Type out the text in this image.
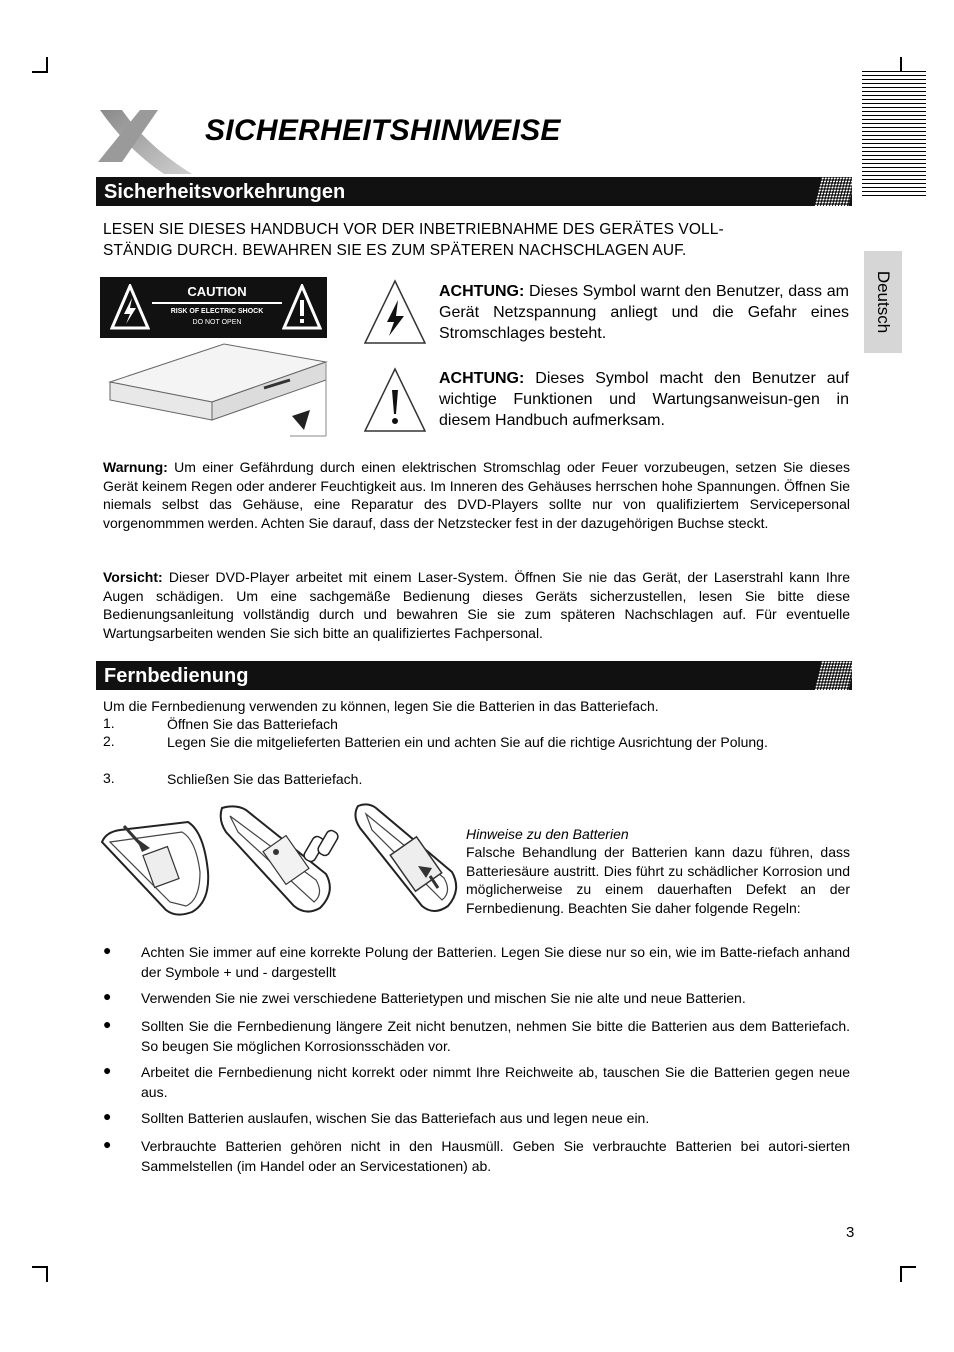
Deutsch
SICHERHEITSHINWEISE
Sicherheitsvorkehrungen
LESEN SIE DIESES HANDBUCH VOR DER INBETRIEBNAHME DES GERÄTES VOLL-
STÄNDIG DURCH. BEWAHREN SIE ES ZUM SPÄTEREN NACHSCHLAGEN AUF.
CAUTION
RISK OF ELECTRIC SHOCK
DO NOT OPEN
ACHTUNG: Dieses Symbol warnt den Benutzer, dass am Gerät Netzspannung anliegt und die Gefahr eines Stromschlages besteht.
ACHTUNG: Dieses Symbol macht den Benutzer auf wichtige Funktionen und Wartungsanweisun-gen in diesem Handbuch aufmerksam.
Warnung: Um einer Gefährdung durch einen elektrischen Stromschlag oder Feuer vorzubeugen, setzen Sie dieses Gerät keinem Regen oder anderer Feuchtigkeit aus. Im Inneren des Gehäuses herrschen hohe Spannungen. Öffnen Sie niemals selbst das Gehäuse, eine Reparatur des DVD-Players sollte nur von qualifiziertem Servicepersonal vorgenommmen werden. Achten Sie darauf, dass der Netzstecker fest in der dazugehörigen Buchse steckt.
Vorsicht: Dieser DVD-Player arbeitet mit einem Laser-System. Öffnen Sie nie das Gerät, der Laserstrahl kann Ihre Augen schädigen. Um eine sachgemäße Bedienung dieses Geräts sicherzustellen, lesen Sie bitte diese Bedienungsanleitung vollständig durch und bewahren Sie sie zum späteren Nachschlagen auf. Für eventuelle Wartungsarbeiten wenden Sie sich bitte an qualifiziertes Fachpersonal.
Fernbedienung
Um die Fernbedienung verwenden zu können, legen Sie die Batterien in das Batteriefach.
1.	Öffnen Sie das Batteriefach
2.	Legen Sie die mitgelieferten Batterien ein und achten Sie auf die richtige Ausrichtung der Polung.
3.	Schließen Sie das Batteriefach.
Hinweise zu den Batterien
Falsche Behandlung der Batterien kann dazu führen, dass Batteriesäure austritt. Dies führt zu schädlicher Korrosion und möglicherweise zu einem dauerhaften Defekt an der Fernbedienung. Beachten Sie daher folgende Regeln:
● Achten Sie immer auf eine korrekte Polung der Batterien. Legen Sie diese nur so ein, wie im Batte-riefach anhand der Symbole + und - dargestellt
● Verwenden Sie nie zwei verschiedene Batterietypen und mischen Sie nie alte und neue Batterien.
● Sollten Sie die Fernbedienung längere Zeit nicht benutzen, nehmen Sie bitte die Batterien aus dem Batteriefach. So beugen Sie möglichen Korrosionsschäden vor.
● Arbeitet die Fernbedienung nicht korrekt oder nimmt Ihre Reichweite ab, tauschen Sie die Batterien gegen neue aus.
● Sollten Batterien auslaufen, wischen Sie das Batteriefach aus und legen neue ein.
● Verbrauchte Batterien gehören nicht in den Hausmüll. Geben Sie verbrauchte Batterien bei autori-sierten Sammelstellen (im Handel oder an Servicestationen) ab.
3
